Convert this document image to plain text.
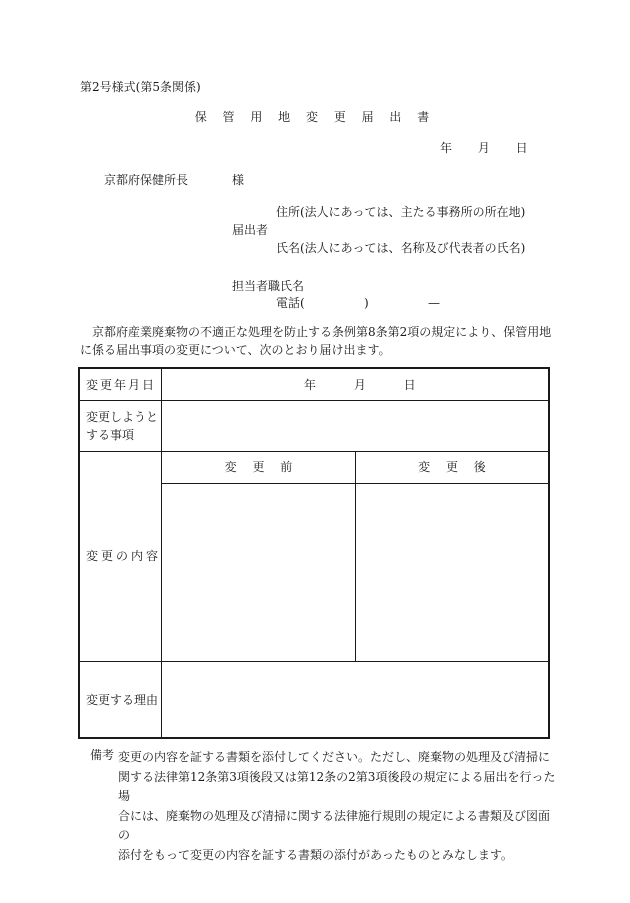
第2号様式(第5条関係)
保 管 用 地 変 更 届 出 書
年 月 日
京都府保健所長	様
住所(法人にあっては、主たる事務所の所在地)
届出者
氏名(法人にあっては、名称及び代表者の氏名)
担当者職氏名
電話(	)	—
京都府産業廃棄物の不適正な処理を防止する条例第8条第2項の規定により、保管用地に係る届出事項の変更について、次のとおり届け出ます。
変更年月日	年 月 日
変更しようとする事項
変更の内容
変 更 前	変 更 後
変更する理由
備考 変更の内容を証する書類を添付してください。ただし、廃棄物の処理及び清掃に
関する法律第12条第3項後段又は第12条の2第3項後段の規定による届出を行った場
合には、廃棄物の処理及び清掃に関する法律施行規則の規定による書類及び図面の
添付をもって変更の内容を証する書類の添付があったものとみなします。
